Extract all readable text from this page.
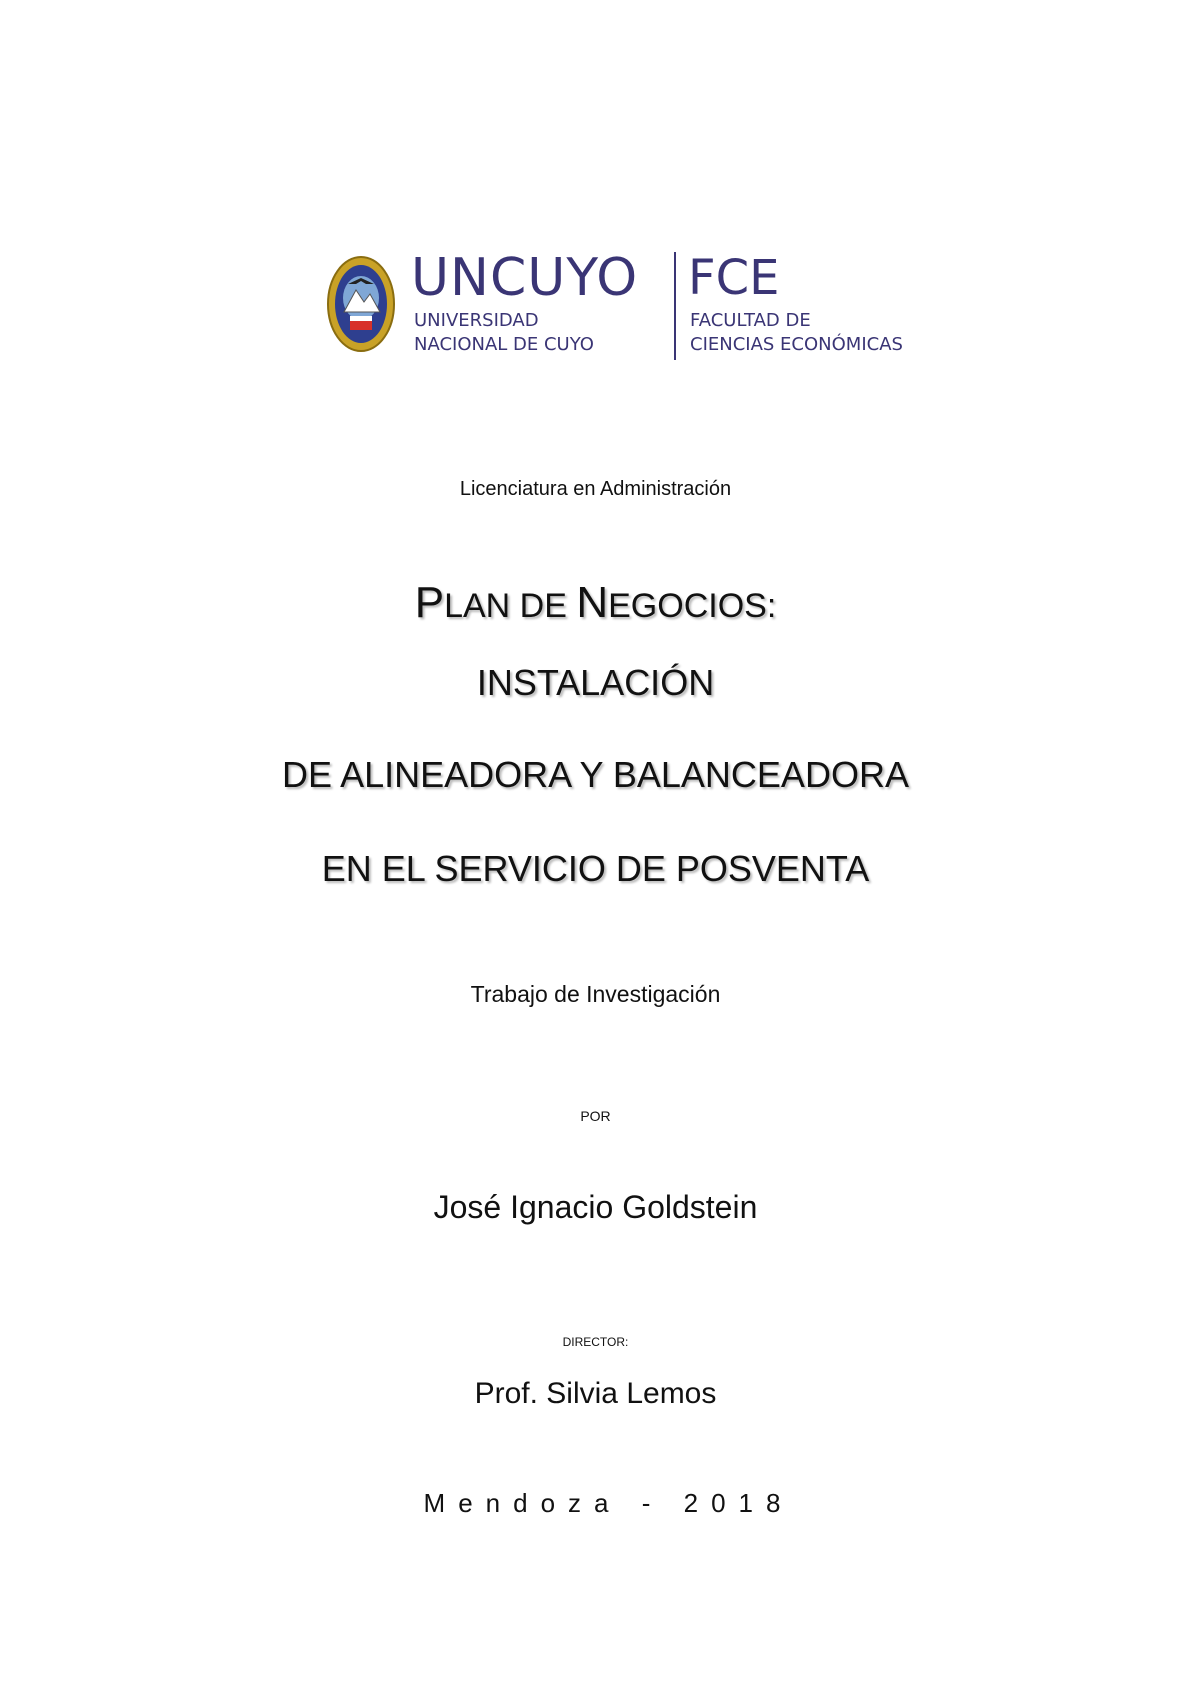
UNCUYO
UNIVERSIDAD
NACIONAL DE CUYO
FCE
FACULTAD DE
CIENCIAS ECONÓMICAS
Licenciatura en Administración
PLAN DE NEGOCIOS:
INSTALACIÓN
DE ALINEADORA Y BALANCEADORA
EN EL SERVICIO DE POSVENTA
Trabajo de Investigación
POR
José Ignacio Goldstein
DIRECTOR:
Prof. Silvia Lemos
Mendoza - 2018
